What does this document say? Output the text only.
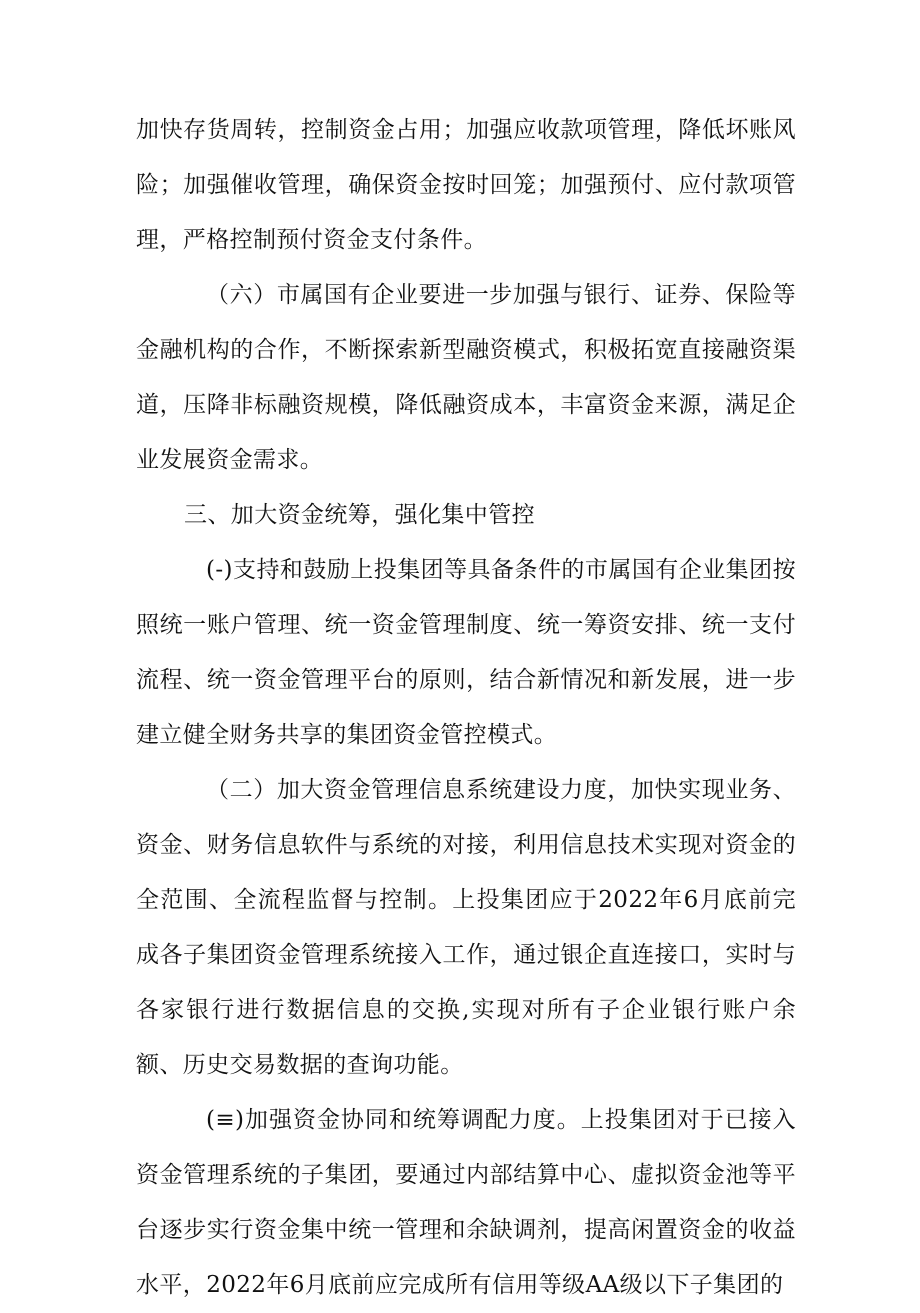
加快存货周转，控制资金占用；加强应收款项管理，降低坏账风险；加强催收管理，确保资金按时回笼；加强预付、应付款项管理，严格控制预付资金支付条件。

（六）市属国有企业要进一步加强与银行、证券、保险等金融机构的合作，不断探索新型融资模式，积极拓宽直接融资渠道，压降非标融资规模，降低融资成本，丰富资金来源，满足企业发展资金需求。

三、加大资金统筹，强化集中管控

(-)支持和鼓励上投集团等具备条件的市属国有企业集团按照统一账户管理、统一资金管理制度、统一筹资安排、统一支付流程、统一资金管理平台的原则，结合新情况和新发展，进一步建立健全财务共享的集团资金管控模式。

（二）加大资金管理信息系统建设力度，加快实现业务、资金、财务信息软件与系统的对接，利用信息技术实现对资金的全范围、全流程监督与控制。上投集团应于2022年6月底前完成各子集团资金管理系统接入工作，通过银企直连接口，实时与各家银行进行数据信息的交换,实现对所有子企业银行账户余额、历史交易数据的查询功能。

(≡)加强资金协同和统筹调配力度。上投集团对于已接入资金管理系统的子集团，要通过内部结算中心、虚拟资金池等平台逐步实行资金集中统一管理和余缺调剂，提高闲置资金的收益水平，2022年6月底前应完成所有信用等级AA级以下子集团的
